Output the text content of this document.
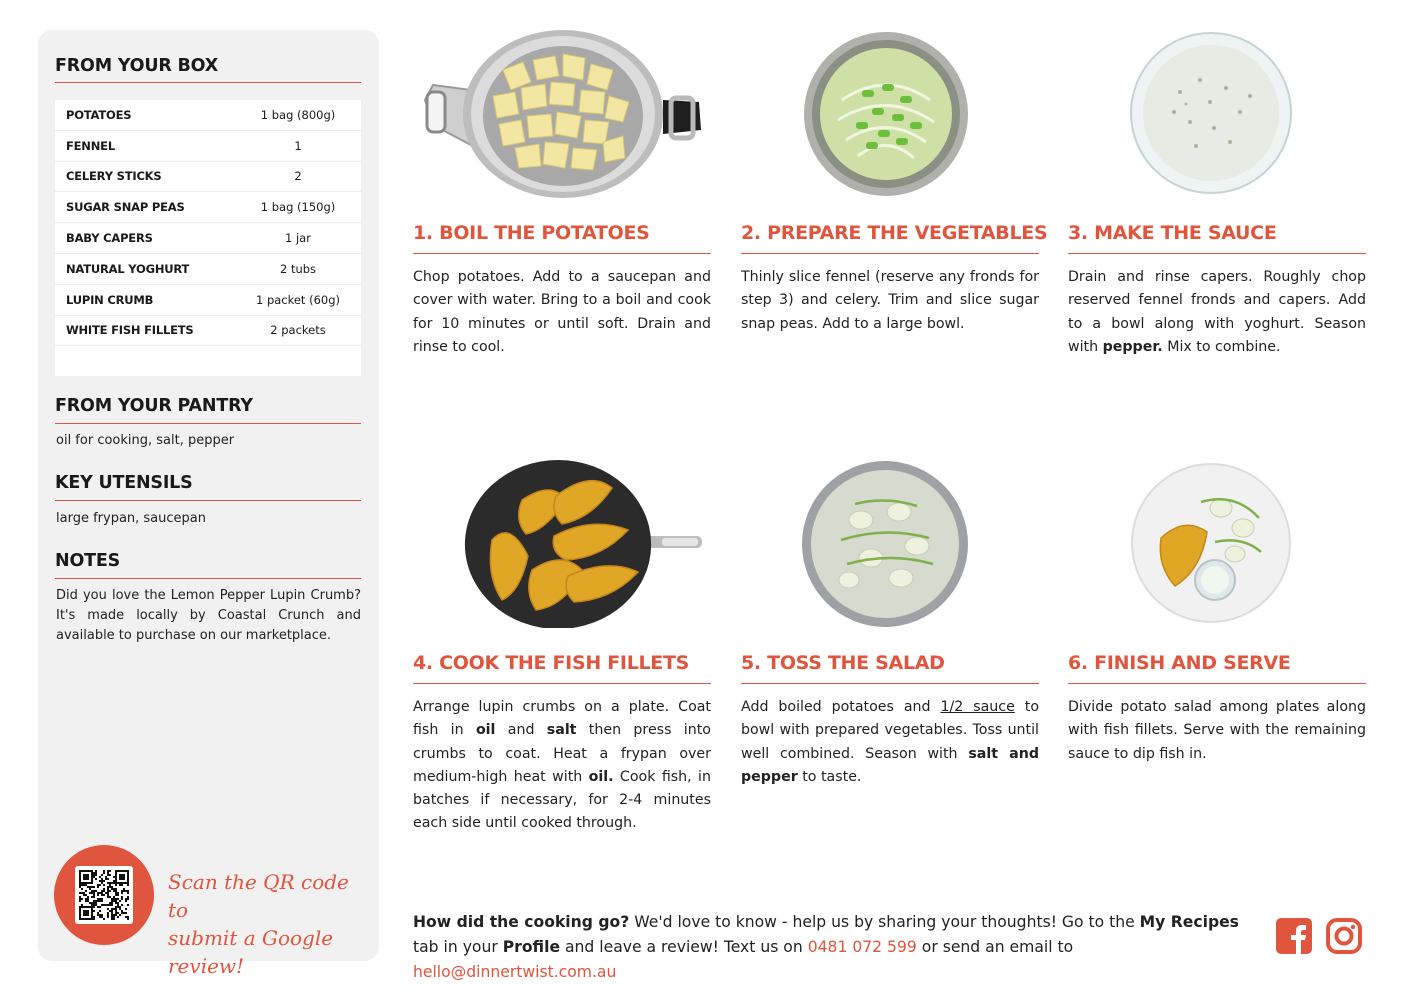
FROM YOUR BOX
POTATOES	1 bag (800g)
FENNEL	1
CELERY STICKS	2
SUGAR SNAP PEAS	1 bag (150g)
BABY CAPERS	1 jar
NATURAL YOGHURT	2 tubs
LUPIN CRUMB	1 packet (60g)
WHITE FISH FILLETS	2 packets
FROM YOUR PANTRY
oil for cooking, salt, pepper
KEY UTENSILS
large frypan, saucepan
NOTES
Did you love the Lemon Pepper Lupin Crumb? It's made locally by Coastal Crunch and available to purchase on our marketplace.
Scan the QR code to
submit a Google review!
1. BOIL THE POTATOES
Chop potatoes. Add to a saucepan and cover with water. Bring to a boil and cook for 10 minutes or until soft. Drain and rinse to cool.
2. PREPARE THE VEGETABLES
Thinly slice fennel (reserve any fronds for step 3) and celery. Trim and slice sugar snap peas. Add to a large bowl.
3. MAKE THE SAUCE
Drain and rinse capers. Roughly chop reserved fennel fronds and capers. Add to a bowl along with yoghurt. Season with pepper. Mix to combine.
4. COOK THE FISH FILLETS
Arrange lupin crumbs on a plate. Coat fish in oil and salt then press into crumbs to coat. Heat a frypan over medium-high heat with oil. Cook fish, in batches if necessary, for 2-4 minutes each side until cooked through.
5. TOSS THE SALAD
Add boiled potatoes and 1/2 sauce to bowl with prepared vegetables. Toss until well combined. Season with salt and pepper to taste.
6. FINISH AND SERVE
Divide potato salad among plates along with fish fillets. Serve with the remaining sauce to dip fish in.
How did the cooking go? We'd love to know - help us by sharing your thoughts! Go to the My Recipes tab in your Profile and leave a review! Text us on 0481 072 599 or send an email to hello@dinnertwist.com.au
